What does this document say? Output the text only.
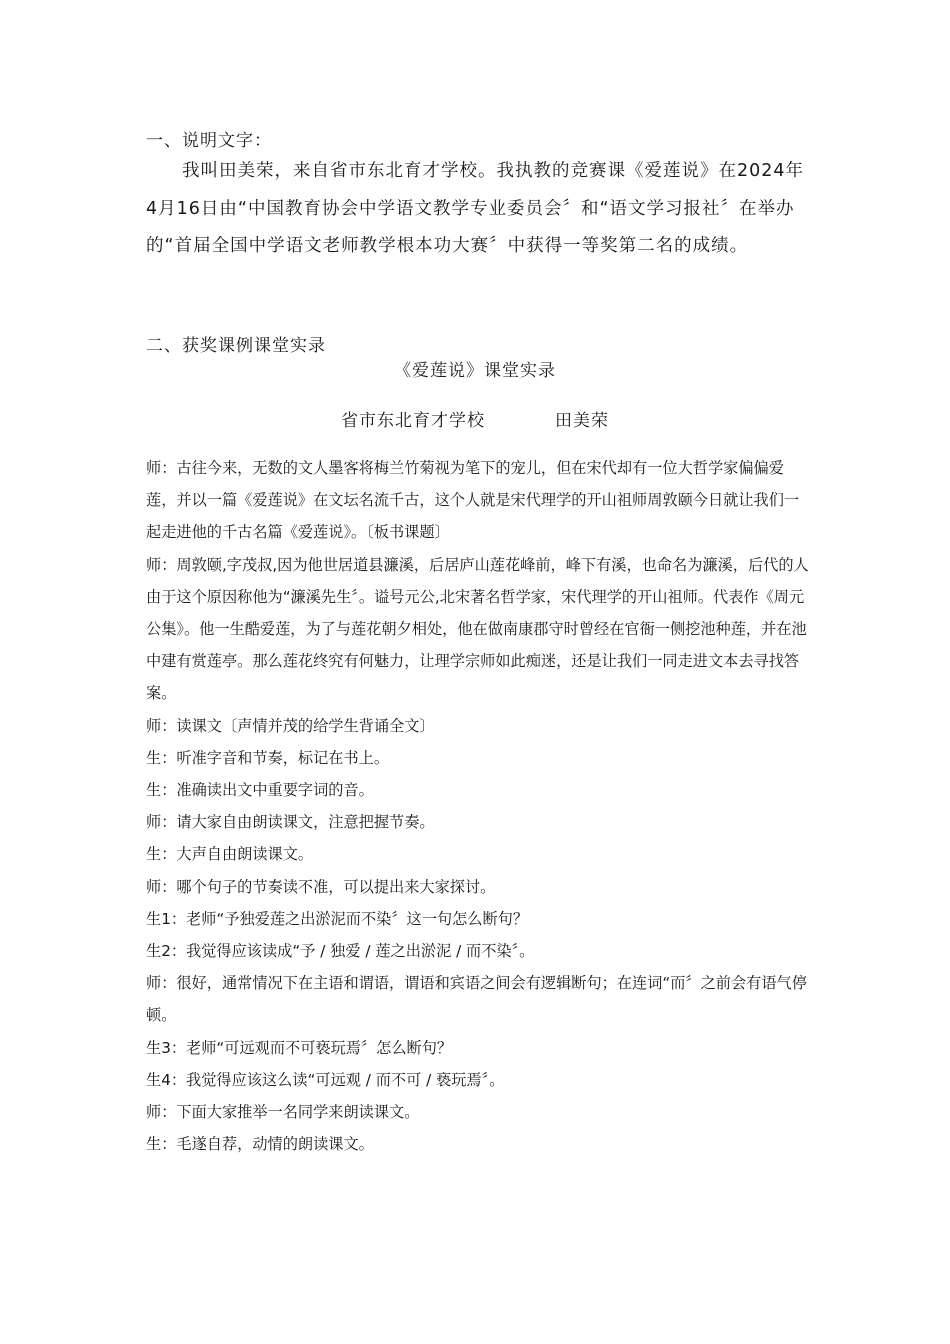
一、说明文字：
我叫田美荣，来自省市东北育才学校。我执教的竞赛课《爱莲说》在2024年4月16日由“中国教育协会中学语文教学专业委员会〞和“语文学习报社〞在举办的“首届全国中学语文老师教学根本功大赛〞中获得一等奖第二名的成绩。
二、获奖课例课堂实录
《爱莲说》课堂实录
省市东北育才学校	田美荣

师：古往今来，无数的文人墨客将梅兰竹菊视为笔下的宠儿，但在宋代却有一位大哲学家偏偏爱莲，并以一篇《爱莲说》在文坛名流千古，这个人就是宋代理学的开山祖师周敦颐今日就让我们一起走进他的千古名篇《爱莲说》。〔板书课题〕

师：周敦颐,字茂叔,因为他世居道县濂溪，后居庐山莲花峰前，峰下有溪，也命名为濂溪，后代的人由于这个原因称他为“濂溪先生〞。谥号元公,北宋著名哲学家，宋代理学的开山祖师。代表作《周元公集》。他一生酷爱莲，为了与莲花朝夕相处，他在做南康郡守时曾经在官衙一侧挖池种莲，并在池中建有赏莲亭。那么莲花终究有何魅力，让理学宗师如此痴迷，还是让我们一同走进文本去寻找答案。

师：读课文〔声情并茂的给学生背诵全文〕

生：听准字音和节奏，标记在书上。

生：准确读出文中重要字词的音。

师：请大家自由朗读课文，注意把握节奏。

生：大声自由朗读课文。

师：哪个句子的节奏读不准，可以提出来大家探讨。

生1：老师“予独爱莲之出淤泥而不染〞这一句怎么断句？

生2：我觉得应该读成“予 / 独爱 / 莲之出淤泥 / 而不染〞。

师：很好，通常情况下在主语和谓语，谓语和宾语之间会有逻辑断句；在连词“而〞之前会有语气停顿。

生3：老师“可远观而不可亵玩焉〞怎么断句？

生4：我觉得应该这么读“可远观 / 而不可 / 亵玩焉〞。

师：下面大家推举一名同学来朗读课文。

生：毛遂自荐，动情的朗读课文。
